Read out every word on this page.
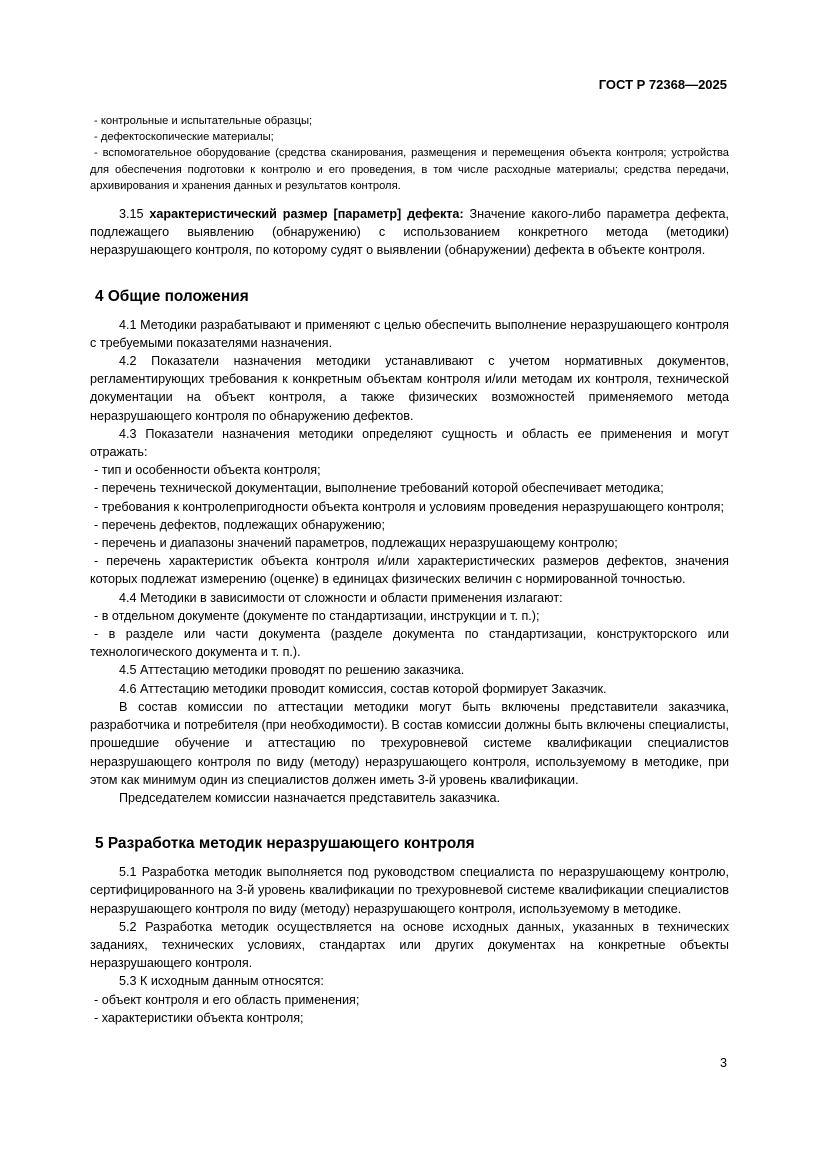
ГОСТ Р 72368—2025

- контрольные и испытательные образцы;

- дефектоскопические материалы;

- вспомогательное оборудование (средства сканирования, размещения и перемещения объекта контроля; устройства для обеспечения подготовки к контролю и его проведения, в том числе расходные материалы; средства передачи, архивирования и хранения данных и результатов контроля.

3.15 характеристический размер [параметр] дефекта: Значение какого-либо параметра дефекта, подлежащего выявлению (обнаружению) с использованием конкретного метода (методики) неразрушающего контроля, по которому судят о выявлении (обнаружении) дефекта в объекте контроля.

4 Общие положения

4.1 Методики разрабатывают и применяют с целью обеспечить выполнение неразрушающего контроля с требуемыми показателями назначения.

4.2 Показатели назначения методики устанавливают с учетом нормативных документов, регламентирующих требования к конкретным объектам контроля и/или методам их контроля, технической документации на объект контроля, а также физических возможностей применяемого метода неразрушающего контроля по обнаружению дефектов.

4.3 Показатели назначения методики определяют сущность и область ее применения и могут отражать:

- тип и особенности объекта контроля;

- перечень технической документации, выполнение требований которой обеспечивает методика;

- требования к контролепригодности объекта контроля и условиям проведения неразрушающего контроля;

- перечень дефектов, подлежащих обнаружению;

- перечень и диапазоны значений параметров, подлежащих неразрушающему контролю;

- перечень характеристик объекта контроля и/или характеристических размеров дефектов, значения которых подлежат измерению (оценке) в единицах физических величин с нормированной точностью.

4.4 Методики в зависимости от сложности и области применения излагают:

- в отдельном документе (документе по стандартизации, инструкции и т. п.);

- в разделе или части документа (разделе документа по стандартизации, конструкторского или технологического документа и т. п.).

4.5 Аттестацию методики проводят по решению заказчика.

4.6 Аттестацию методики проводит комиссия, состав которой формирует Заказчик.

В состав комиссии по аттестации методики могут быть включены представители заказчика, разработчика и потребителя (при необходимости). В состав комиссии должны быть включены специалисты, прошедшие обучение и аттестацию по трехуровневой системе квалификации специалистов неразрушающего контроля по виду (методу) неразрушающего контроля, используемому в методике, при этом как минимум один из специалистов должен иметь 3-й уровень квалификации.

Председателем комиссии назначается представитель заказчика.

5 Разработка методик неразрушающего контроля

5.1 Разработка методик выполняется под руководством специалиста по неразрушающему контролю, сертифицированного на 3-й уровень квалификации по трехуровневой системе квалификации специалистов неразрушающего контроля по виду (методу) неразрушающего контроля, используемому в методике.

5.2 Разработка методик осуществляется на основе исходных данных, указанных в технических заданиях, технических условиях, стандартах или других документах на конкретные объекты неразрушающего контроля.

5.3 К исходным данным относятся:

- объект контроля и его область применения;

- характеристики объекта контроля;

3
